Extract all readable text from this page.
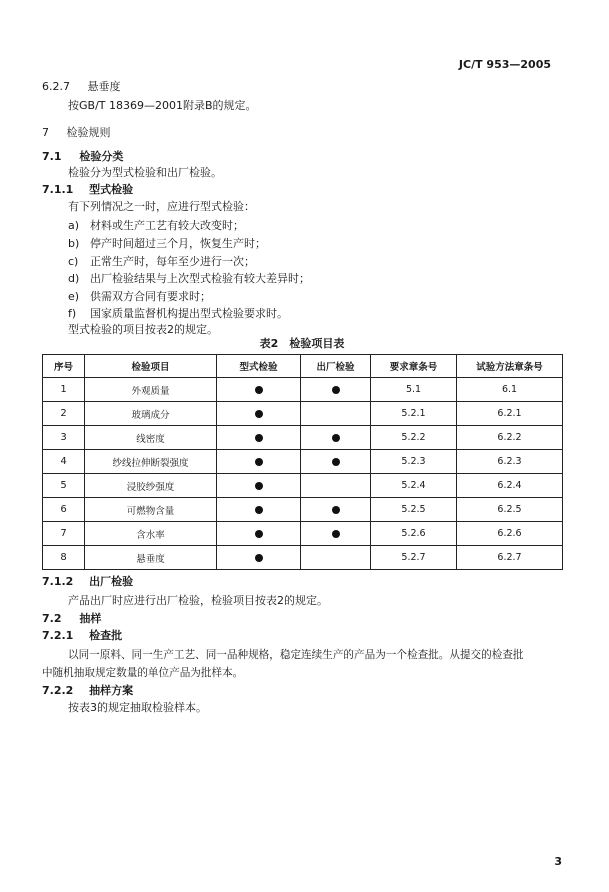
JC/T 953—2005
6.2.7 悬垂度
按GB/T 18369—2001附录B的规定。
7 检验规则
7.1 检验分类
检验分为型式检验和出厂检验。
7.1.1 型式检验
有下列情况之一时，应进行型式检验：
a) 材料或生产工艺有较大改变时；
b) 停产时间超过三个月，恢复生产时；
c) 正常生产时，每年至少进行一次；
d) 出厂检验结果与上次型式检验有较大差异时；
e) 供需双方合同有要求时；
f) 国家质量监督机构提出型式检验要求时。
型式检验的项目按表2的规定。
表2　检验项目表
序号	检验项目	型式检验	出厂检验	要求章条号	试验方法章条号
1	外观质量			5.1	6.1
2	玻璃成分			5.2.1	6.2.1
3	线密度			5.2.2	6.2.2
4	纱线拉伸断裂强度			5.2.3	6.2.3
5	浸胶纱强度			5.2.4	6.2.4
6	可燃物含量			5.2.5	6.2.5
7	含水率			5.2.6	6.2.6
8	悬垂度			5.2.7	6.2.7
7.1.2 出厂检验
产品出厂时应进行出厂检验，检验项目按表2的规定。
7.2 抽样
7.2.1 检查批
以同一原料、同一生产工艺、同一品种规格，稳定连续生产的产品为一个检查批。从提交的检查批
中随机抽取规定数量的单位产品为批样本。
7.2.2 抽样方案
按表3的规定抽取检验样本。
3
